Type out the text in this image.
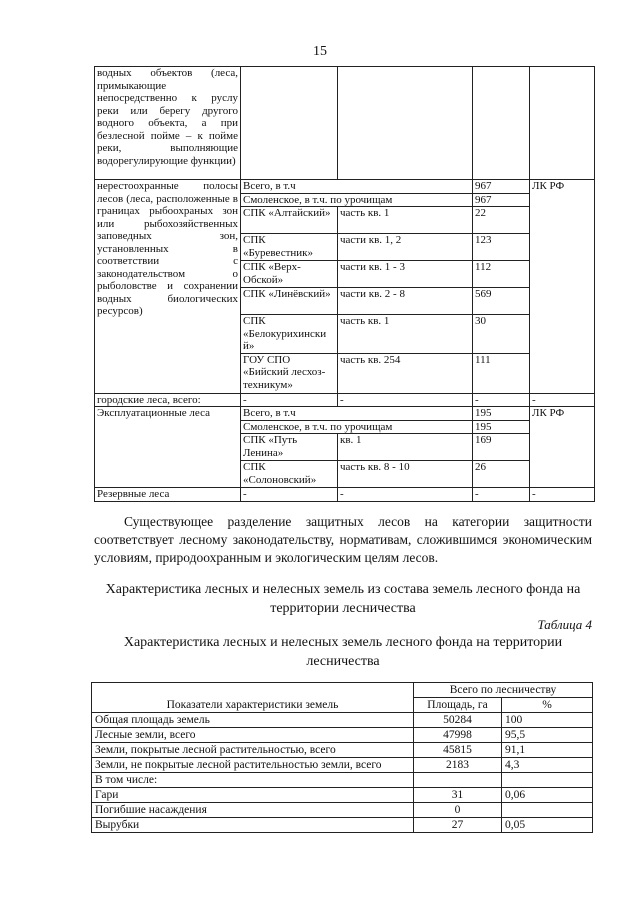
15
водных объектов (леса, примыкающие непосредственно к руслу реки или берегу другого водного объекта, а при безлесной пойме – к пойме реки, выполняющие водорегулирующие функции)				
нерестоохранные полосы лесов (леса, расположенные в границах рыбоохраных зон или рыбохозяйственных заповедных зон, установленных в соответствии с законодательством о рыболовстве и сохранении водных биологических ресурсов)	Всего, в т.ч		967	ЛК РФ
	Смоленское, в т.ч. по урочищам		967	
	СПК «Алтайский»	часть кв. 1	22	
	СПК «Буревестник»	части кв. 1, 2	123	
	СПК «Верх-Обской»	части кв. 1 - 3	112	
	СПК «Линёвский»	части кв. 2 - 8	569	
	СПК «Белокурихински й»	часть кв. 1	30	
	ГОУ СПО «Бийский лесхоз-техникум»	часть кв. 254	111	
городские леса, всего:	-	-	-	-
Эксплуатационные леса	Всего, в т.ч		195	ЛК РФ
	Смоленское, в т.ч. по урочищам		195	
	СПК «Путь Ленина»	кв. 1	169	
	СПК «Солоновский»	часть кв. 8 - 10	26	
Резервные леса	-	-	-	-

Существующее разделение защитных лесов на категории защитности соответствует лесному законодательству, нормативам, сложившимся экономическим условиям, природоохранным и экологическим целям лесов.

Характеристика лесных и нелесных земель из состава земель лесного фонда на территории лесничества
Таблица 4
Характеристика лесных и нелесных земель лесного фонда на территории лесничества
Показатели характеристики земель	Всего по лесничеству	
	Площадь, га	%
Общая площадь земель	50284	100
Лесные земли, всего	47998	95,5
Земли, покрытые лесной растительностью, всего	45815	91,1
Земли, не покрытые лесной растительностью земли, всего	2183	4,3
В том числе:		
Гари	31	0,06
Погибшие насаждения	0	
Вырубки	27	0,05
